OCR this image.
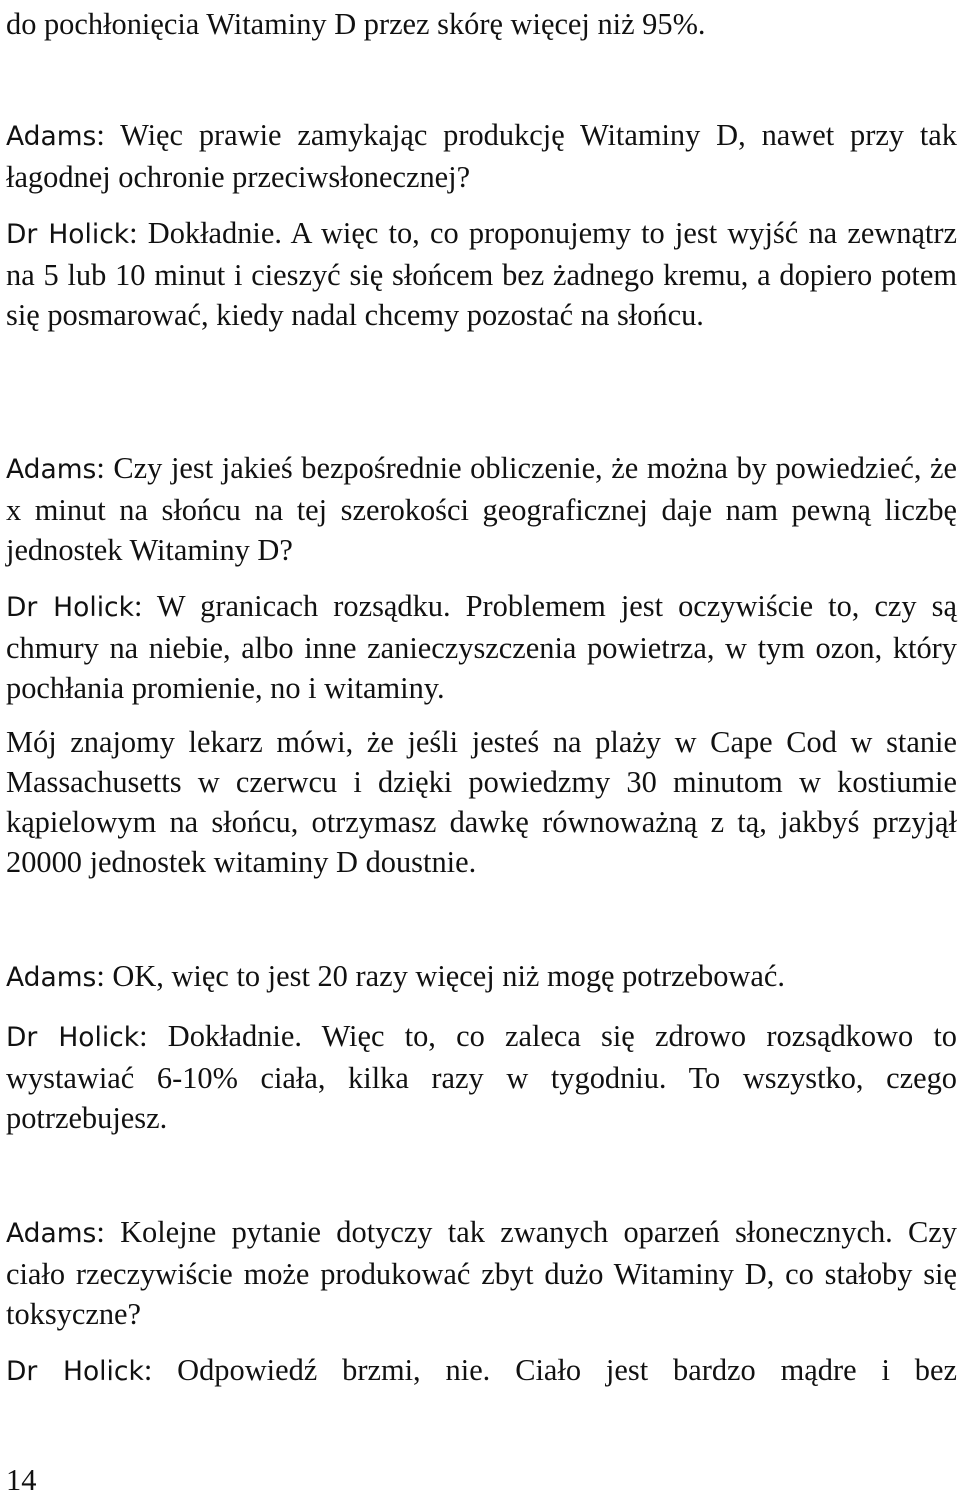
do pochłonięcia Witaminy D przez skórę więcej niż 95%.

Adams: Więc prawie zamykając produkcję Witaminy D, nawet przy tak łagodnej ochronie przeciwsłonecznej?

Dr Holick: Dokładnie. A więc to, co proponujemy to jest wyjść na zewnątrz na 5 lub 10 minut i cieszyć się słońcem bez żadnego kremu, a dopiero potem się posmarować, kiedy nadal chcemy pozostać na słońcu.

Adams: Czy jest jakieś bezpośrednie obliczenie, że można by powiedzieć, że x minut na słońcu na tej szerokości geograficznej daje nam pewną liczbę jednostek Witaminy D?

Dr Holick: W granicach rozsądku. Problemem jest oczywiście to, czy są chmury na niebie, albo inne zanieczyszczenia powietrza, w tym ozon, który pochłania promienie, no i witaminy.

Mój znajomy lekarz mówi, że jeśli jesteś na plaży w Cape Cod w stanie Massachusetts w czerwcu i dzięki powiedzmy 30 minutom w kostiumie kąpielowym na słońcu, otrzymasz dawkę równoważną z tą, jakbyś przyjął 20000 jednostek witaminy D doustnie.

Adams: OK, więc to jest 20 razy więcej niż mogę potrzebować.

Dr Holick: Dokładnie. Więc to, co zaleca się zdrowo rozsądkowo to wystawiać 6-10% ciała, kilka razy w tygodniu. To wszystko, czego potrzebujesz.

Adams: Kolejne pytanie dotyczy tak zwanych oparzeń słonecznych. Czy ciało rzeczywiście może produkować zbyt dużo Witaminy D, co stałoby się toksyczne?

Dr Holick: Odpowiedź brzmi, nie. Ciało jest bardzo mądre i bez

14
